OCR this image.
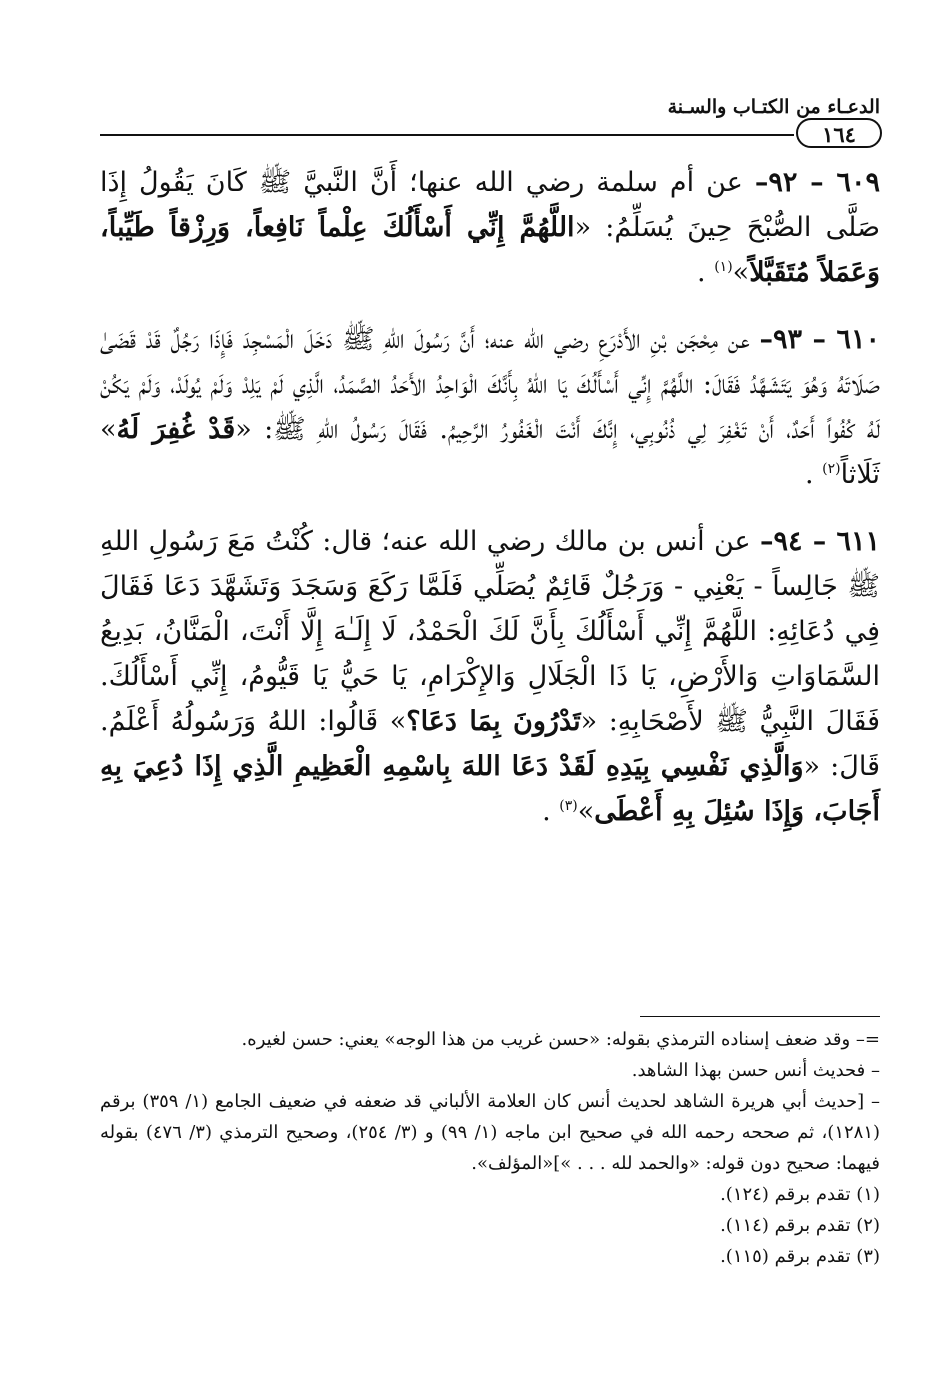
الدعـاء من الكتـاب والسـنة
١٦٤

٦٠٩ – ٩٢– عن أم سلمة رضي الله عنها؛ أَنَّ النَّبيَّ ﷺ كَانَ يَقُولُ إِذَا صَلَّى الصُّبْحَ حِينَ يُسَلِّمُ: «اللَّهُمَّ إِنِّي أَسْأَلُكَ عِلْماً نَافِعاً، وَرِزْقاً طَيِّباً، وَعَمَلاً مُتَقَبَّلاً»$^{(١)}$ .

٦١٠ – ٩٣– عن مِحْجَن بْنِ الأَدْرَعِ رضي الله عنه؛ أَنَّ رَسُولَ اللهِ ﷺ دَخَلَ الْمَسْجِدَ فَإِذَا رَجُلٌ قَدْ قَضَىٰ صَلَاتَهُ وَهُوَ يَتَشَهَّدُ فَقَالَ: اللَّهُمَّ إِنِّي أَسْأَلُكَ يَا اللهُ بِأَنَّكَ الْوَاحِدُ الأَحَدُ الصَّمَدُ، الَّذِي لَمْ يَلِدْ وَلَمْ يُولَدْ، وَلَمْ يَكُنْ لَهُ كُفُواً أَحَدٌ، أَنْ تَغْفِرَ لِي ذُنُوبِي، إِنَّكَ أَنْتَ الْغَفُورُ الرَّحِيمُ. فَقَالَ رَسُولُ اللهِ ﷺ: «قَدْ غُفِرَ لَهُ» ثَلَاثاً$^{(٢)}$ .

٦١١ – ٩٤– عن أنس بن مالك رضي الله عنه؛ قال: كُنْتُ مَعَ رَسُولِ اللهِ ﷺ جَالِساً - يَعْنِي - وَرَجُلٌ قَائِمٌ يُصَلِّي فَلَمَّا رَكَعَ وَسَجَدَ وَتَشَهَّدَ دَعَا فَقَالَ فِي دُعَائِهِ: اللَّهُمَّ إِنِّي أَسْأَلُكَ بِأَنَّ لَكَ الْحَمْدُ، لَا إِلَـٰهَ إِلَّا أَنْتَ، الْمَنَّانُ، بَدِيعُ السَّمَاوَاتِ وَالأَرْضِ، يَا ذَا الْجَلَالِ وَالإِكْرَامِ، يَا حَيُّ يَا قَيُّومُ، إِنِّي أَسْأَلُكَ. فَقَالَ النَّبِيُّ ﷺ لأَصْحَابِهِ: «تَدْرُونَ بِمَا دَعَا؟» قَالُوا: اللهُ وَرَسُولُهُ أَعْلَمُ. قَالَ: «وَالَّذِي نَفْسِي بِيَدِهِ لَقَدْ دَعَا اللهَ بِاسْمِهِ الْعَظِيمِ الَّذِي إِذَا دُعِيَ بِهِ أَجَابَ، وَإِذَا سُئِلَ بِهِ أَعْطَى»$^{(٣)}$ .

=– وقد ضعف إسناده الترمذي بقوله: «حسن غريب من هذا الوجه» يعني: حسن لغيره.

– فحديث أنس حسن بهذا الشاهد.

– [حديث أبي هريرة الشاهد لحديث أنس كان العلامة الألباني قد ضعفه في ضعيف الجامع (١/ ٣٥٩) برقم (١٢٨١)، ثم صححه رحمه الله في صحيح ابن ماجه (١/ ٩٩) و (٣/ ٢٥٤)، وصحيح الترمذي (٣/ ٤٧٦) بقوله فيهما: صحيح دون قوله: «والحمد لله . . . »]«المؤلف».

(١) تقدم برقم (١٢٤).

(٢) تقدم برقم (١١٤).

(٣) تقدم برقم (١١٥).
